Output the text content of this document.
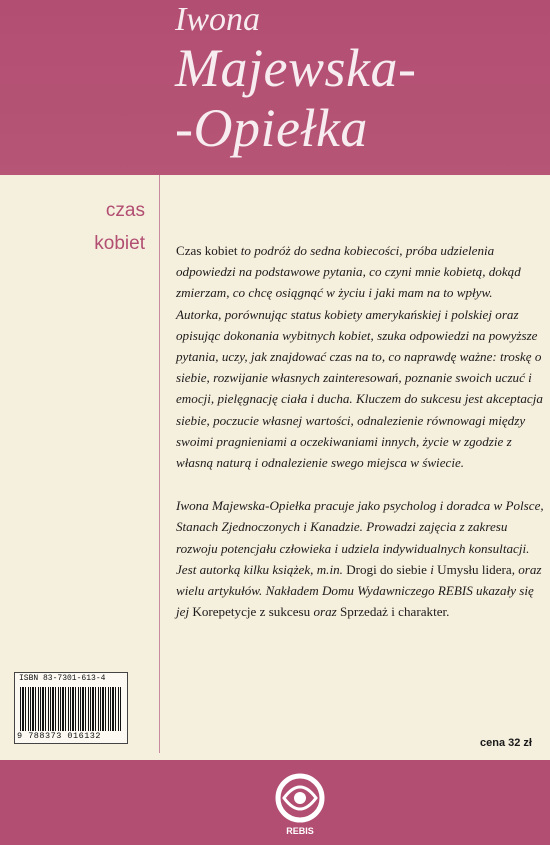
Iwona
Majewska-
-Opiełka
czas
kobiet Czas kobiet to podróż do sedna kobiecości, próba udzielenia odpowiedzi na podstawowe pytania, co czyni mnie kobietą, dokąd zmierzam, co chcę osiągnąć w życiu i jaki mam na to wpływ.

Autorka, porównując status kobiety amerykańskiej i polskiej oraz opisując dokonania wybitnych kobiet, szuka odpowiedzi na powyższe pytania, uczy, jak znajdować czas na to, co naprawdę ważne: troskę o siebie, rozwijanie własnych zainteresowań, poznanie swoich uczuć i emocji, pielęgnację ciała i ducha. Kluczem do sukcesu jest akceptacja siebie, poczucie własnej wartości, odnalezienie równowagi między swoimi pragnieniami a oczekiwaniami innych, życie w zgodzie z własną naturą i odnalezienie swego miejsca w świecie.

Iwona Majewska-Opiełka pracuje jako psycholog i doradca w Polsce, Stanach Zjednoczonych i Kanadzie. Prowadzi zajęcia z zakresu rozwoju potencjału człowieka i udziela indywidualnych konsultacji. Jest autorką kilku książek, m.in. Drogi do siebie i Umysłu lidera, oraz wielu artykułów. Nakładem Domu Wydawniczego REBIS ukazały się jej Korepetycje z sukcesu oraz Sprzedaż i charakter.

ISBN 83-7301-613-4
9 788373 016132
cena 32 zł
REBIS
